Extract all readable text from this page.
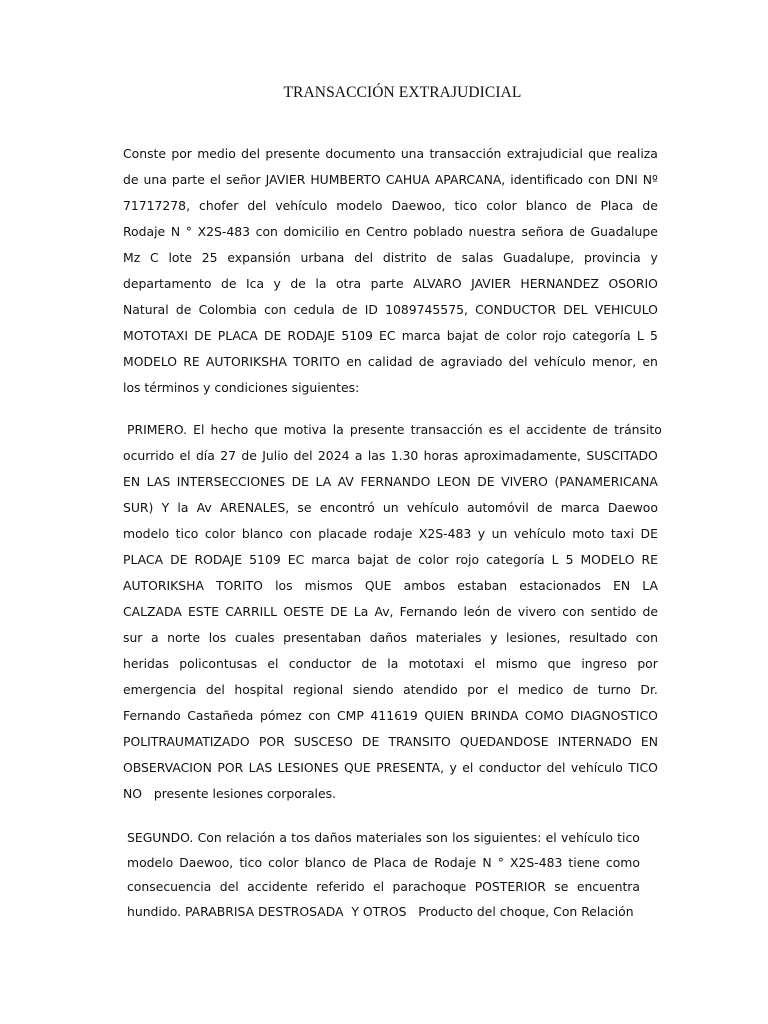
TRANSACCIÓN EXTRAJUDICIAL
Conste por medio del presente documento una transacción extrajudicial que realiza
de una parte el señor JAVIER HUMBERTO CAHUA APARCANA, identificado con DNI Nº
71717278, chofer del vehículo modelo Daewoo, tico color blanco de Placa de
Rodaje N ° X2S-483 con domicilio en Centro poblado nuestra señora de Guadalupe
Mz C lote 25 expansión urbana del distrito de salas Guadalupe, provincia y
departamento de Ica y de la otra parte ALVARO JAVIER HERNANDEZ OSORIO
Natural de Colombia con cedula de ID 1089745575, CONDUCTOR DEL VEHICULO
MOTOTAXI DE PLACA DE RODAJE 5109 EC marca bajat de color rojo categoría L 5
MODELO RE AUTORIKSHA TORITO en calidad de agraviado del vehículo menor, en
los términos y condiciones siguientes:
PRIMERO. El hecho que motiva la presente transacción es el accidente de tránsito
ocurrido el día 27 de Julio del 2024 a las 1.30 horas aproximadamente, SUSCITADO
EN LAS INTERSECCIONES DE LA AV FERNANDO LEON DE VIVERO (PANAMERICANA
SUR) Y la Av ARENALES, se encontró un vehículo automóvil de marca Daewoo
modelo tico color blanco con placade rodaje X2S-483 y un vehículo moto taxi DE
PLACA DE RODAJE 5109 EC marca bajat de color rojo categoría L 5 MODELO RE
AUTORIKSHA TORITO los mismos QUE ambos estaban estacionados EN LA
CALZADA ESTE CARRILL OESTE DE La Av, Fernando león de vivero con sentido de
sur a norte los cuales presentaban daños materiales y lesiones, resultado con
heridas policontusas el conductor de la mototaxi el mismo que ingreso por
emergencia del hospital regional siendo atendido por el medico de turno Dr.
Fernando Castañeda pómez con CMP 411619 QUIEN BRINDA COMO DIAGNOSTICO
POLITRAUMATIZADO POR SUSCESO DE TRANSITO QUEDANDOSE INTERNADO EN
OBSERVACION POR LAS LESIONES QUE PRESENTA, y el conductor del vehículo TICO
NO   presente lesiones corporales.
SEGUNDO. Con relación a tos daños materiales son los siguientes: el vehículo tico
modelo Daewoo, tico color blanco de Placa de Rodaje N ° X2S-483 tiene como
consecuencia del accidente referido el parachoque POSTERIOR se encuentra
hundido. PARABRISA DESTROSADA  Y OTROS   Producto del choque, Con Relación
